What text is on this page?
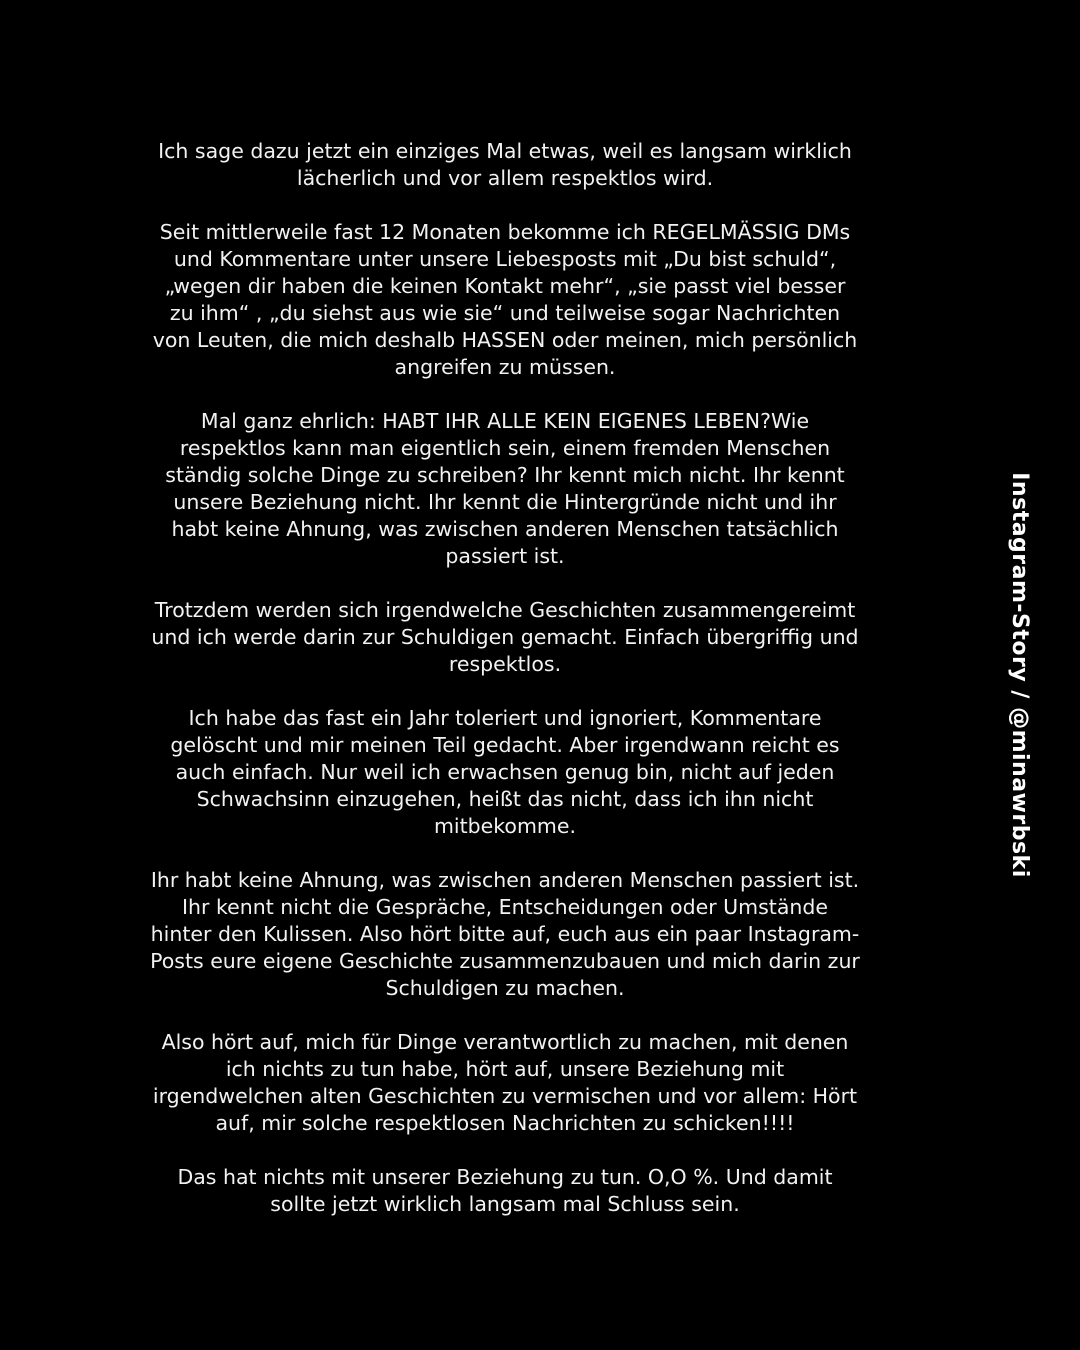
Ich sage dazu jetzt ein einziges Mal etwas, weil es langsam wirklich lächerlich und vor allem respektlos wird.

Seit mittlerweile fast 12 Monaten bekomme ich REGELMÄSSIG DMs und Kommentare unter unsere Liebesposts mit „Du bist schuld“, „wegen dir haben die keinen Kontakt mehr“, „sie passt viel besser zu ihm“ , „du siehst aus wie sie“ und teilweise sogar Nachrichten von Leuten, die mich deshalb HASSEN oder meinen, mich persönlich angreifen zu müssen.

Mal ganz ehrlich: HABT IHR ALLE KEIN EIGENES LEBEN?Wie respektlos kann man eigentlich sein, einem fremden Menschen ständig solche Dinge zu schreiben? Ihr kennt mich nicht. Ihr kennt unsere Beziehung nicht. Ihr kennt die Hintergründe nicht und ihr habt keine Ahnung, was zwischen anderen Menschen tatsächlich passiert ist.

Trotzdem werden sich irgendwelche Geschichten zusammengereimt und ich werde darin zur Schuldigen gemacht. Einfach übergriffig und respektlos.

Ich habe das fast ein Jahr toleriert und ignoriert, Kommentare gelöscht und mir meinen Teil gedacht. Aber irgendwann reicht es auch einfach. Nur weil ich erwachsen genug bin, nicht auf jeden Schwachsinn einzugehen, heißt das nicht, dass ich ihn nicht mitbekomme.

Ihr habt keine Ahnung, was zwischen anderen Menschen passiert ist. Ihr kennt nicht die Gespräche, Entscheidungen oder Umstände hinter den Kulissen. Also hört bitte auf, euch aus ein paar Instagram-Posts eure eigene Geschichte zusammenzubauen und mich darin zur Schuldigen zu machen.

Also hört auf, mich für Dinge verantwortlich zu machen, mit denen ich nichts zu tun habe, hört auf, unsere Beziehung mit irgendwelchen alten Geschichten zu vermischen und vor allem: Hört auf, mir solche respektlosen Nachrichten zu schicken!!!!

Das hat nichts mit unserer Beziehung zu tun. O,O %. Und damit sollte jetzt wirklich langsam mal Schluss sein.

Instagram-Story / @minawrbski
